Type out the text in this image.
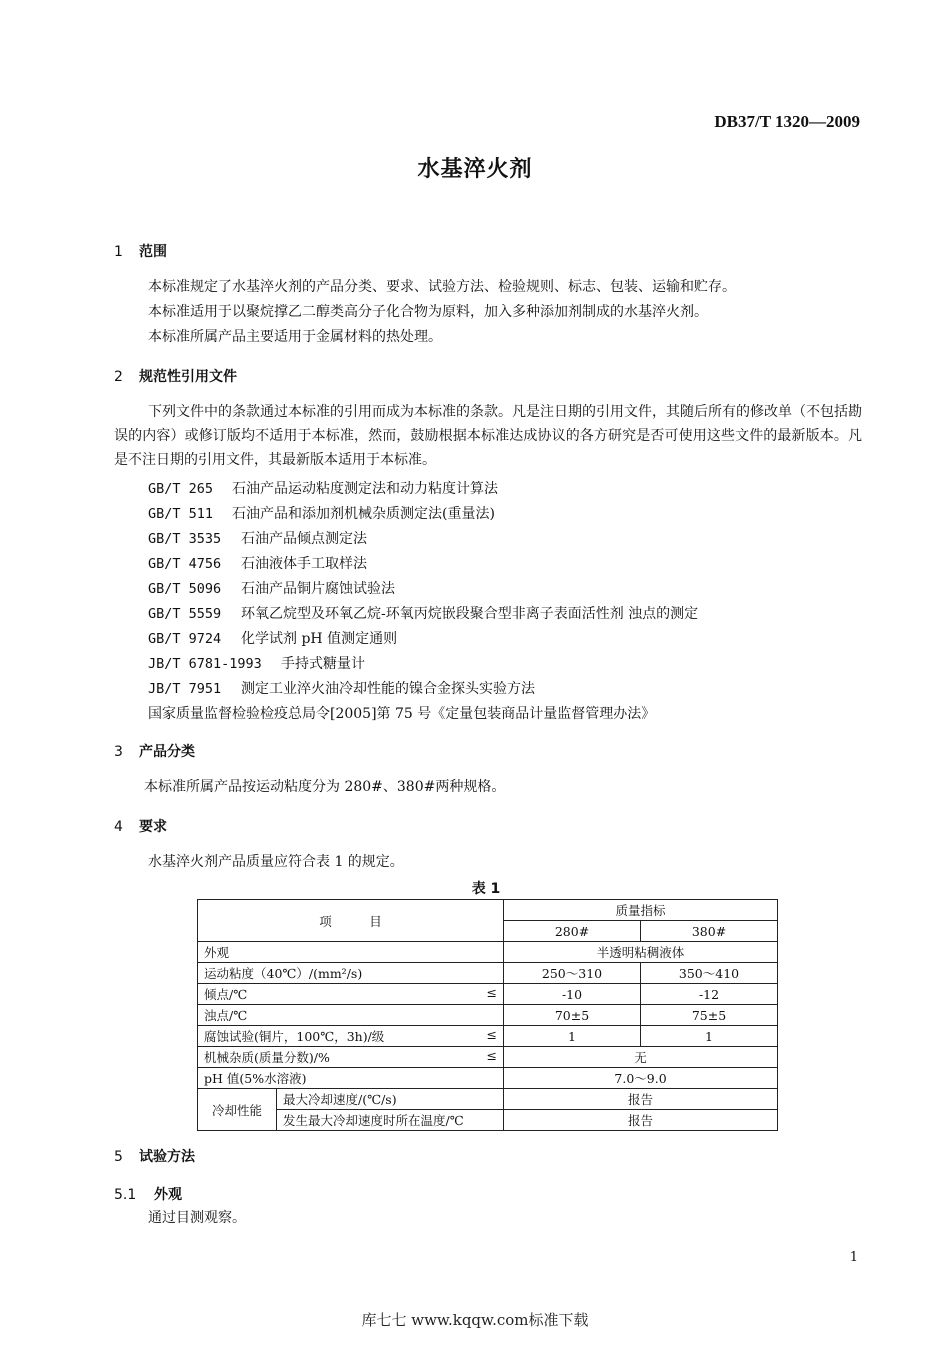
DB37/T 1320—2009
水基淬火剂
1 范围
本标准规定了水基淬火剂的产品分类、要求、试验方法、检验规则、标志、包装、运输和贮存。
本标准适用于以聚烷撑乙二醇类高分子化合物为原料，加入多种添加剂制成的水基淬火剂。
本标准所属产品主要适用于金属材料的热处理。
2 规范性引用文件
下列文件中的条款通过本标准的引用而成为本标准的条款。凡是注日期的引用文件，其随后所有的修改单（不包括勘误的内容）或修订版均不适用于本标准，然而，鼓励根据本标准达成协议的各方研究是否可使用这些文件的最新版本。凡是不注日期的引用文件，其最新版本适用于本标准。
GB/T 265 石油产品运动粘度测定法和动力粘度计算法
GB/T 511 石油产品和添加剂机械杂质测定法(重量法)
GB/T 3535 石油产品倾点测定法
GB/T 4756 石油液体手工取样法
GB/T 5096 石油产品铜片腐蚀试验法
GB/T 5559 环氧乙烷型及环氧乙烷-环氧丙烷嵌段聚合型非离子表面活性剂 浊点的测定
GB/T 9724 化学试剂 pH 值测定通则
JB/T 6781-1993 手持式糖量计
JB/T 7951 测定工业淬火油冷却性能的镍合金探头实验方法
国家质量监督检验检疫总局令[2005]第 75 号《定量包装商品计量监督管理办法》
3 产品分类
本标准所属产品按运动粘度分为 280#、380#两种规格。
4 要求
水基淬火剂产品质量应符合表 1 的规定。
表 1
项　　　目		质量指标	
		280#	380#
外观		半透明粘稠液体	
运动粘度（40℃）/(mm²/s)		250～310	350～410
倾点/℃ ≤		-10	-12
浊点/℃		70±5	75±5
腐蚀试验(铜片，100℃，3h)/级 ≤		1	1
机械杂质(质量分数)/% ≤		无	
pH 值(5%水溶液)		7.0～9.0	
冷却性能	最大冷却速度/(℃/s)	报告	
	发生最大冷却速度时所在温度/℃	报告	
5 试验方法
5.1 外观
通过目测观察。
1
库七七 www.kqqw.com标准下载
